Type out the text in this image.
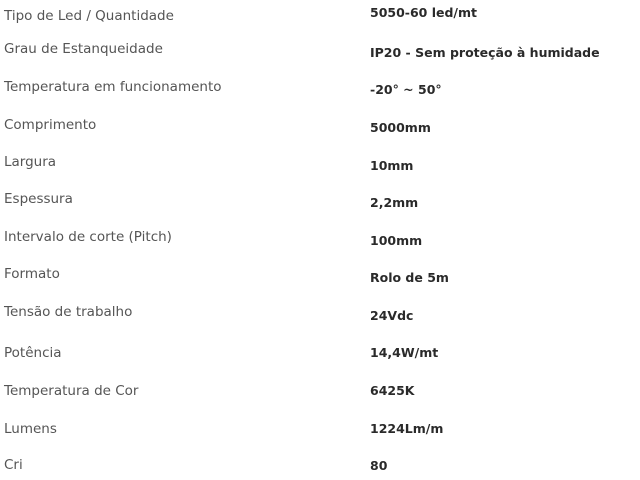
Tipo de Led / Quantidade	5050-60 led/mt
Grau de Estanqueidade	IP20 - Sem proteção à humidade
Temperatura em funcionamento	-20° ~ 50°
Comprimento	5000mm
Largura	10mm
Espessura	2,2mm
Intervalo de corte (Pitch)	100mm
Formato	Rolo de 5m
Tensão de trabalho	24Vdc
Potência	14,4W/mt
Temperatura de Cor	6425K
Lumens	1224Lm/m
Cri	80
